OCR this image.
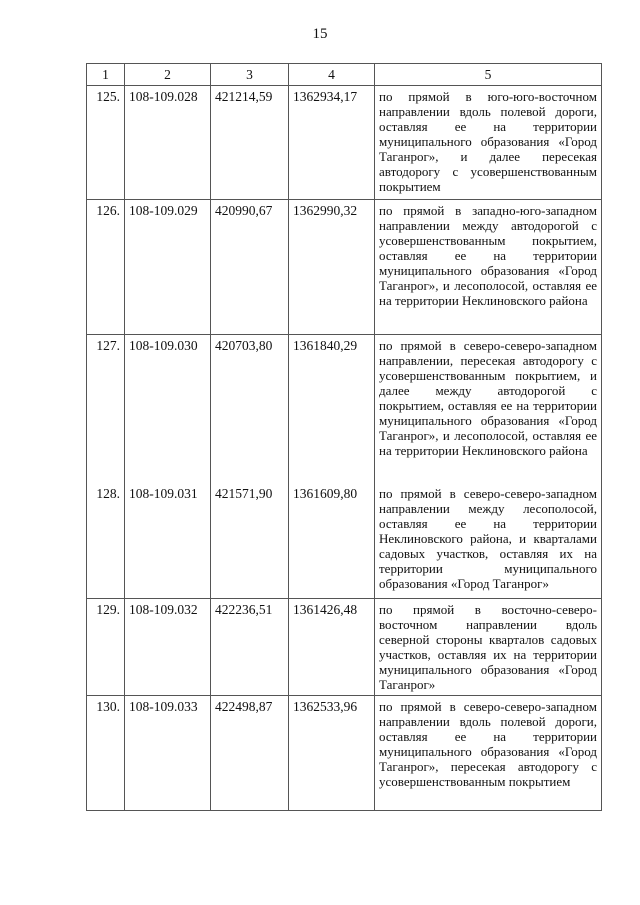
15
1	2	3	4	5
125.	108-109.028	421214,59	1362934,17	по прямой в юго-юго-восточном направлении вдоль полевой дороги, оставляя ее на территории муниципального образования «Город Таганрог», и далее пересекая автодорогу с усовершенствованным покрытием
126.	108-109.029	420990,67	1362990,32	по прямой в западно-юго-западном направлении между автодорогой с усовершенствованным покрытием, оставляя ее на территории муниципального образования «Город Таганрог», и лесополосой, оставляя ее на территории Неклиновского района
127.	108-109.030	420703,80	1361840,29	по прямой в северо-северо-западном направлении, пересекая автодорогу с усовершенствованным покрытием, и далее между автодорогой с покрытием, оставляя ее на территории муниципального образования «Город Таганрог», и лесополосой, оставляя ее на территории Неклиновского района
128.	108-109.031	421571,90	1361609,80	по прямой в северо-северо-западном направлении между лесополосой, оставляя ее на территории Неклиновского района, и кварталами садовых участков, оставляя их на территории муниципального образования «Город Таганрог»
129.	108-109.032	422236,51	1361426,48	по прямой в восточно-северо-восточном направлении вдоль северной стороны кварталов садовых участков, оставляя их на территории муниципального образования «Город Таганрог»
130.	108-109.033	422498,87	1362533,96	по прямой в северо-северо-западном направлении вдоль полевой дороги, оставляя ее на территории муниципального образования «Город Таганрог», пересекая автодорогу с усовершенствованным покрытием
